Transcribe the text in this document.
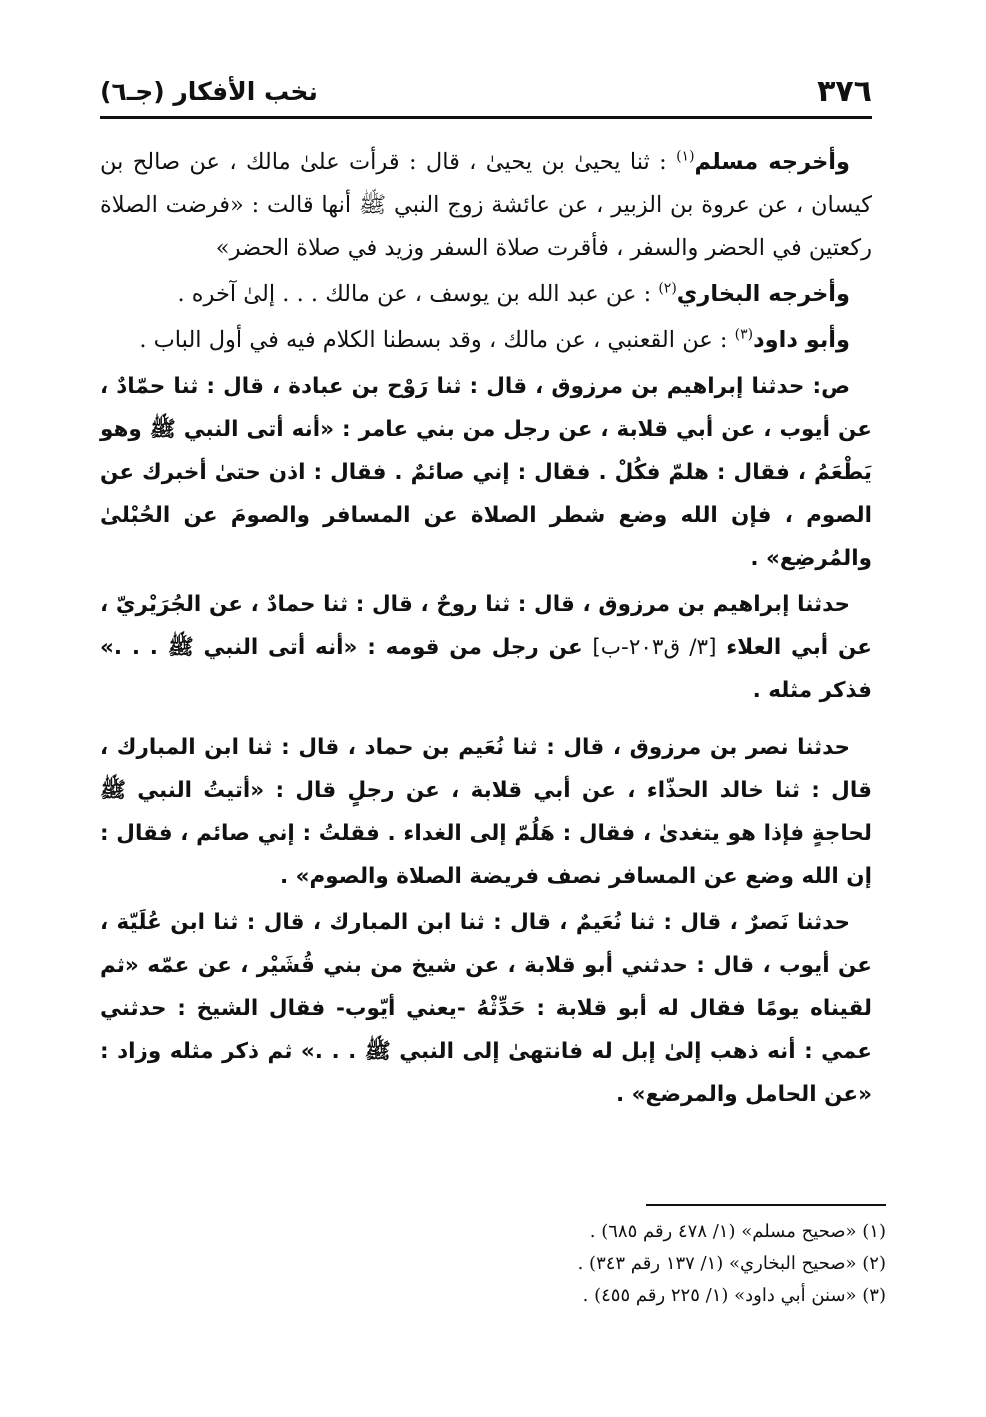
٣٧٦
نخب الأفكار (جـ٦)

وأخرجه مسلم$^{(١)}$ : ثنا يحيىٰ بن يحيىٰ ، قال : قرأت علىٰ مالك ، عن صالح بن كيسان ، عن عروة بن الزبير ، عن عائشة زوج النبي ﷺ أنها قالت : «فرضت الصلاة ركعتين في الحضر والسفر ، فأقرت صلاة السفر وزيد في صلاة الحضر»

وأخرجه البخاري$^{(٢)}$ : عن عبد الله بن يوسف ، عن مالك . . . إلىٰ آخره .

وأبو داود$^{(٣)}$ : عن القعنبي ، عن مالك ، وقد بسطنا الكلام فيه في أول الباب .

ص: حدثنا إبراهيم بن مرزوق ، قال : ثنا رَوْح بن عبادة ، قال : ثنا حمّادٌ ، عن أيوب ، عن أبي قلابة ، عن رجل من بني عامر : «أنه أتى النبي ﷺ وهو يَطْعَمُ ، فقال : هلمّ فكُلْ . فقال : إني صائمٌ . فقال : اذن حتىٰ أخبرك عن الصوم ، فإن الله وضع شطر الصلاة عن المسافر والصومَ عن الحُبْلىٰ والمُرضِع» .

حدثنا إبراهيم بن مرزوق ، قال : ثنا روحٌ ، قال : ثنا حمادٌ ، عن الجُرَيْريّ ، عن أبي العلاء [٣/ ق٢٠٣-ب] عن رجل من قومه : «أنه أتى النبي ﷺ . . .» فذكر مثله .

حدثنا نصر بن مرزوق ، قال : ثنا نُعَيم بن حماد ، قال : ثنا ابن المبارك ، قال : ثنا خالد الحذّاء ، عن أبي قلابة ، عن رجلٍ قال : «أتيتُ النبي ﷺ لحاجةٍ فإذا هو يتغدىٰ ، فقال : هَلُمّ إلى الغداء . فقلتُ : إني صائم ، فقال : إن الله وضع عن المسافر نصف فريضة الصلاة والصوم» .

حدثنا نَصرٌ ، قال : ثنا نُعَيمٌ ، قال : ثنا ابن المبارك ، قال : ثنا ابن عُلَيّة ، عن أيوب ، قال : حدثني أبو قلابة ، عن شيخ من بني قُشَيْر ، عن عمّه «ثم لقيناه يومًا فقال له أبو قلابة : حَدِّثْهُ -يعني أيّوب- فقال الشيخ : حدثني عمي : أنه ذهب إلىٰ إبل له فانتهىٰ إلى النبي ﷺ . . .» ثم ذكر مثله وزاد : «عن الحامل والمرضع» .

(١) «صحيح مسلم» (١/ ٤٧٨ رقم ٦٨٥) .

(٢) «صحيح البخاري» (١/ ١٣٧ رقم ٣٤٣) .

(٣) «سنن أبي داود» (١/ ٢٢٥ رقم ٤٥٥) .
